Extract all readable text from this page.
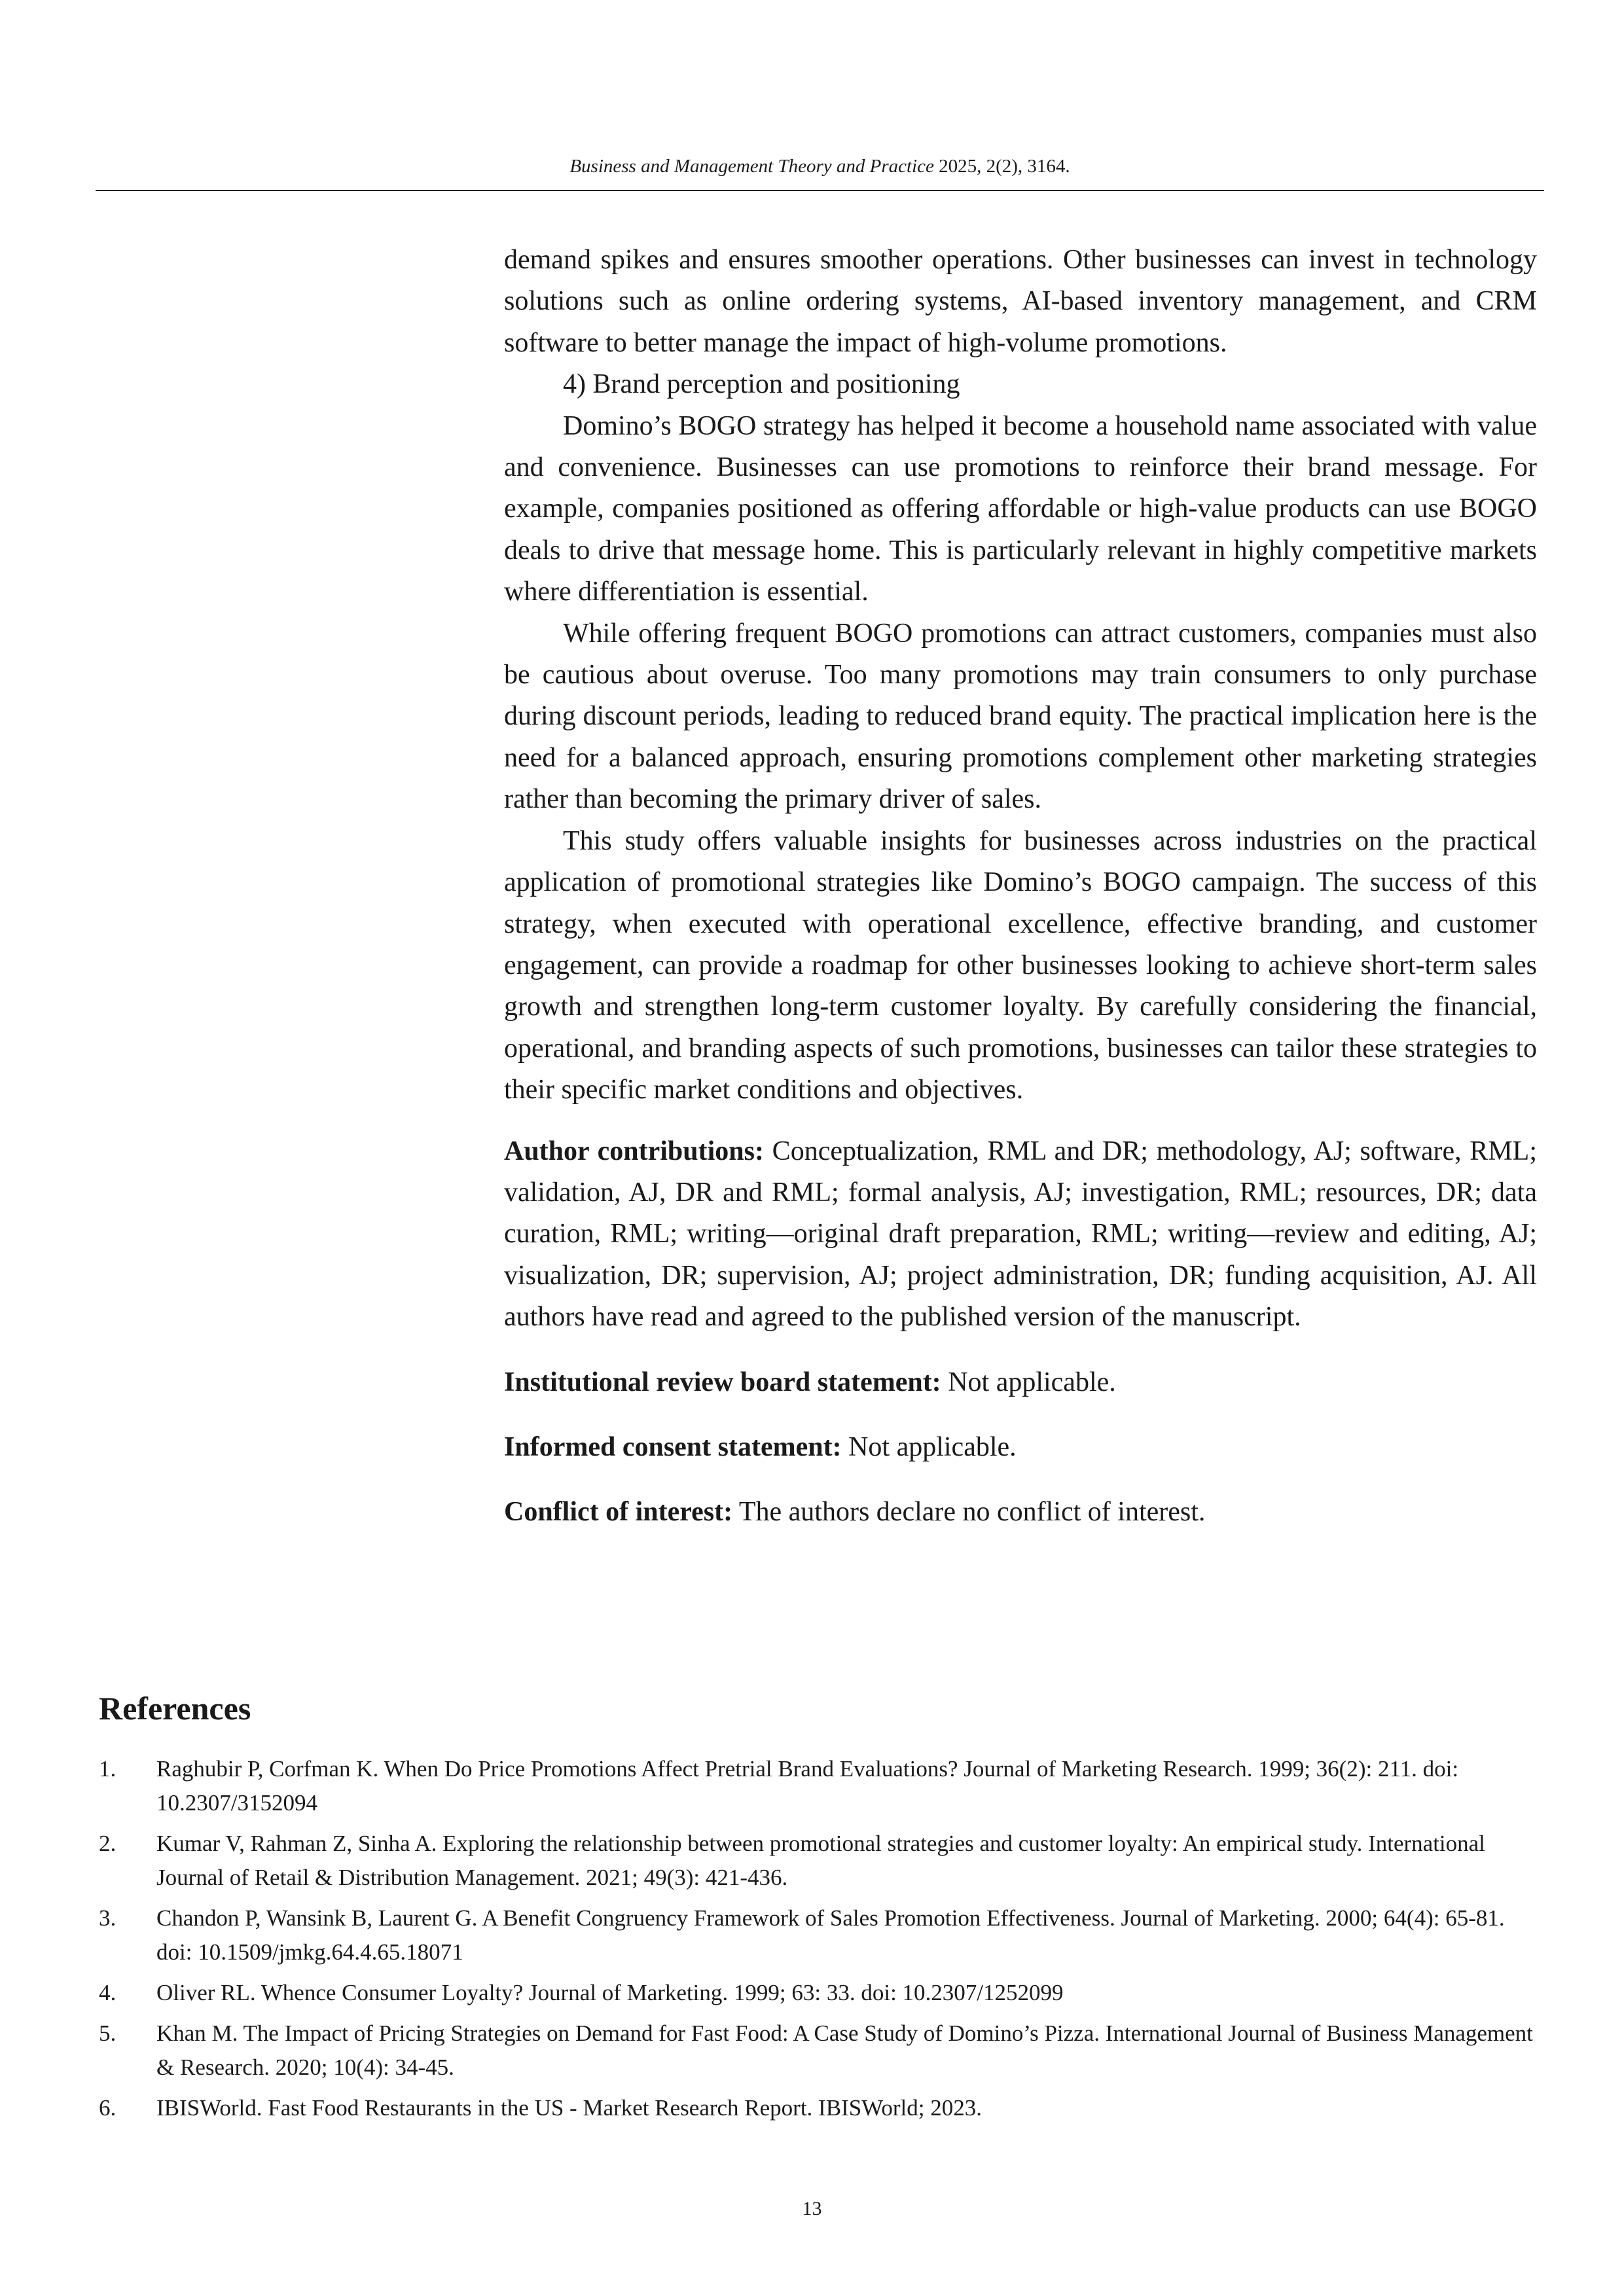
Business and Management Theory and Practice 2025, 2(2), 3164.

demand spikes and ensures smoother operations. Other businesses can invest in technology solutions such as online ordering systems, AI-based inventory management, and CRM software to better manage the impact of high-volume promotions.

4) Brand perception and positioning

Domino’s BOGO strategy has helped it become a household name associated with value and convenience. Businesses can use promotions to reinforce their brand message. For example, companies positioned as offering affordable or high-value products can use BOGO deals to drive that message home. This is particularly relevant in highly competitive markets where differentiation is essential.

While offering frequent BOGO promotions can attract customers, companies must also be cautious about overuse. Too many promotions may train consumers to only purchase during discount periods, leading to reduced brand equity. The practical implication here is the need for a balanced approach, ensuring promotions complement other marketing strategies rather than becoming the primary driver of sales.

This study offers valuable insights for businesses across industries on the practical application of promotional strategies like Domino’s BOGO campaign. The success of this strategy, when executed with operational excellence, effective branding, and customer engagement, can provide a roadmap for other businesses looking to achieve short-term sales growth and strengthen long-term customer loyalty. By carefully considering the financial, operational, and branding aspects of such promotions, businesses can tailor these strategies to their specific market conditions and objectives.

Author contributions: Conceptualization, RML and DR; methodology, AJ; software, RML; validation, AJ, DR and RML; formal analysis, AJ; investigation, RML; resources, DR; data curation, RML; writing—original draft preparation, RML; writing—review and editing, AJ; visualization, DR; supervision, AJ; project administration, DR; funding acquisition, AJ. All authors have read and agreed to the published version of the manuscript.

Institutional review board statement: Not applicable.

Informed consent statement: Not applicable.

Conflict of interest: The authors declare no conflict of interest.

References
1. Raghubir P, Corfman K. When Do Price Promotions Affect Pretrial Brand Evaluations? Journal of Marketing Research. 1999; 36(2): 211. doi: 10.2307/3152094
2. Kumar V, Rahman Z, Sinha A. Exploring the relationship between promotional strategies and customer loyalty: An empirical study. International Journal of Retail & Distribution Management. 2021; 49(3): 421-436.
3. Chandon P, Wansink B, Laurent G. A Benefit Congruency Framework of Sales Promotion Effectiveness. Journal of Marketing. 2000; 64(4): 65-81. doi: 10.1509/jmkg.64.4.65.18071
4. Oliver RL. Whence Consumer Loyalty? Journal of Marketing. 1999; 63: 33. doi: 10.2307/1252099
5. Khan M. The Impact of Pricing Strategies on Demand for Fast Food: A Case Study of Domino’s Pizza. International Journal of Business Management & Research. 2020; 10(4): 34-45.
6. IBISWorld. Fast Food Restaurants in the US - Market Research Report. IBISWorld; 2023.
13
